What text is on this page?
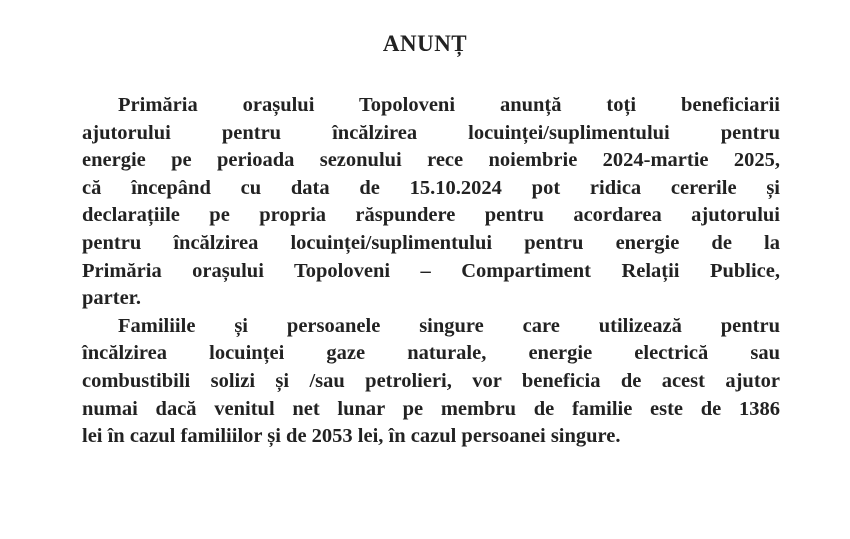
ANUNȚ
Primăria orașului Topoloveni anunță toți beneficiarii
ajutorului pentru încălzirea locuinței/suplimentului pentru
energie pe perioada sezonului rece noiembrie 2024-martie 2025,
că începând cu data de 15.10.2024 pot ridica cererile și
declarațiile pe propria răspundere pentru acordarea ajutorului
pentru încălzirea locuinței/suplimentului pentru energie de la
Primăria orașului Topoloveni – Compartiment Relații Publice,
parter.
Familiile și persoanele singure care utilizează pentru
încălzirea locuinței gaze naturale, energie electrică sau
combustibili solizi și /sau petrolieri, vor beneficia de acest ajutor
numai dacă venitul net lunar pe membru de familie este de 1386
lei în cazul familiilor și de 2053 lei, în cazul persoanei singure.
